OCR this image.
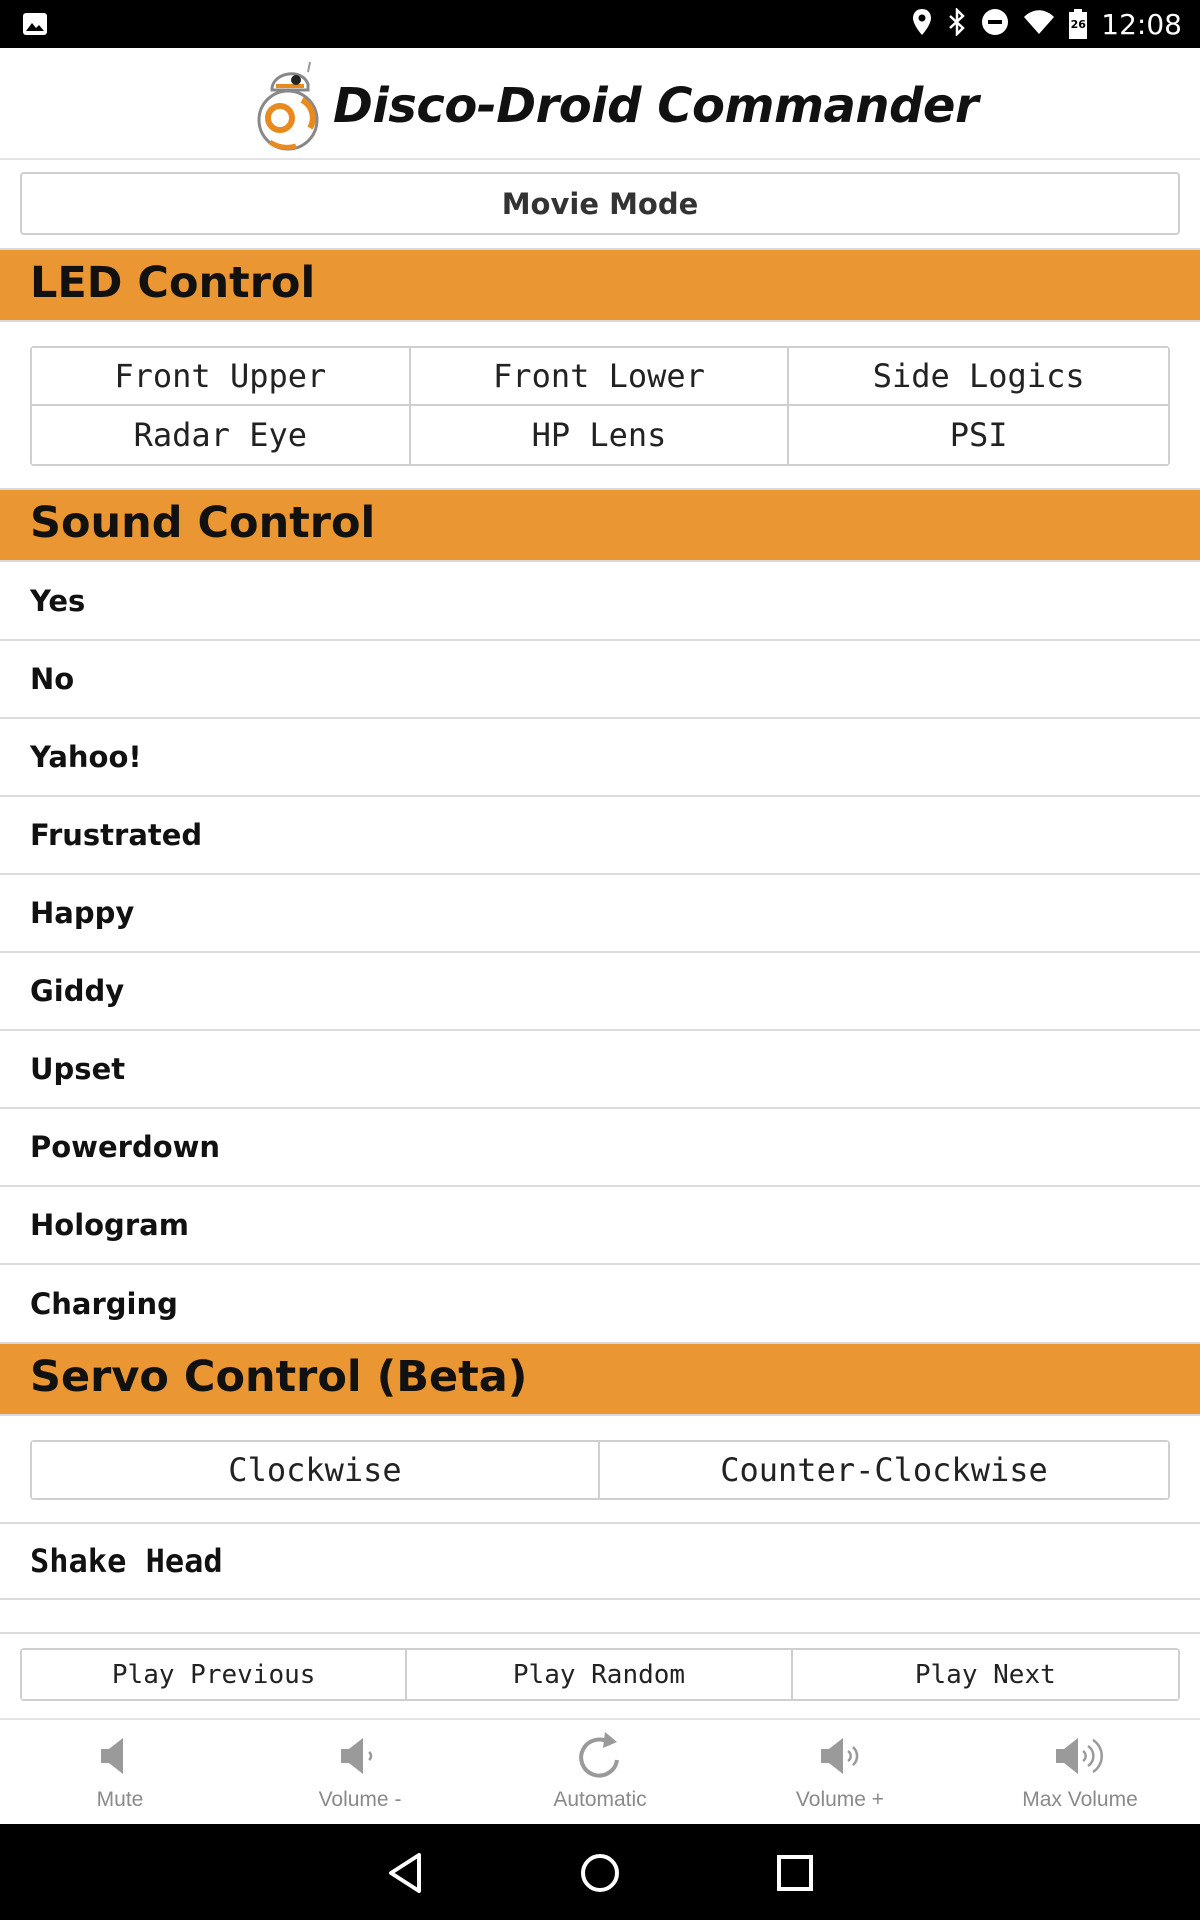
26 12:08
Disco-Droid Commander
Movie Mode
LED Control
Front Upper	Front Lower	Side Logics
Radar Eye	HP Lens	PSI
Sound Control
Yes
No
Yahoo!
Frustrated
Happy
Giddy
Upset
Powerdown
Hologram
Charging
Servo Control (Beta)
Clockwise	Counter-Clockwise
Shake Head
Play Previous	Play Random	Play Next
Mute	Volume -	Automatic	Volume +	Max Volume
